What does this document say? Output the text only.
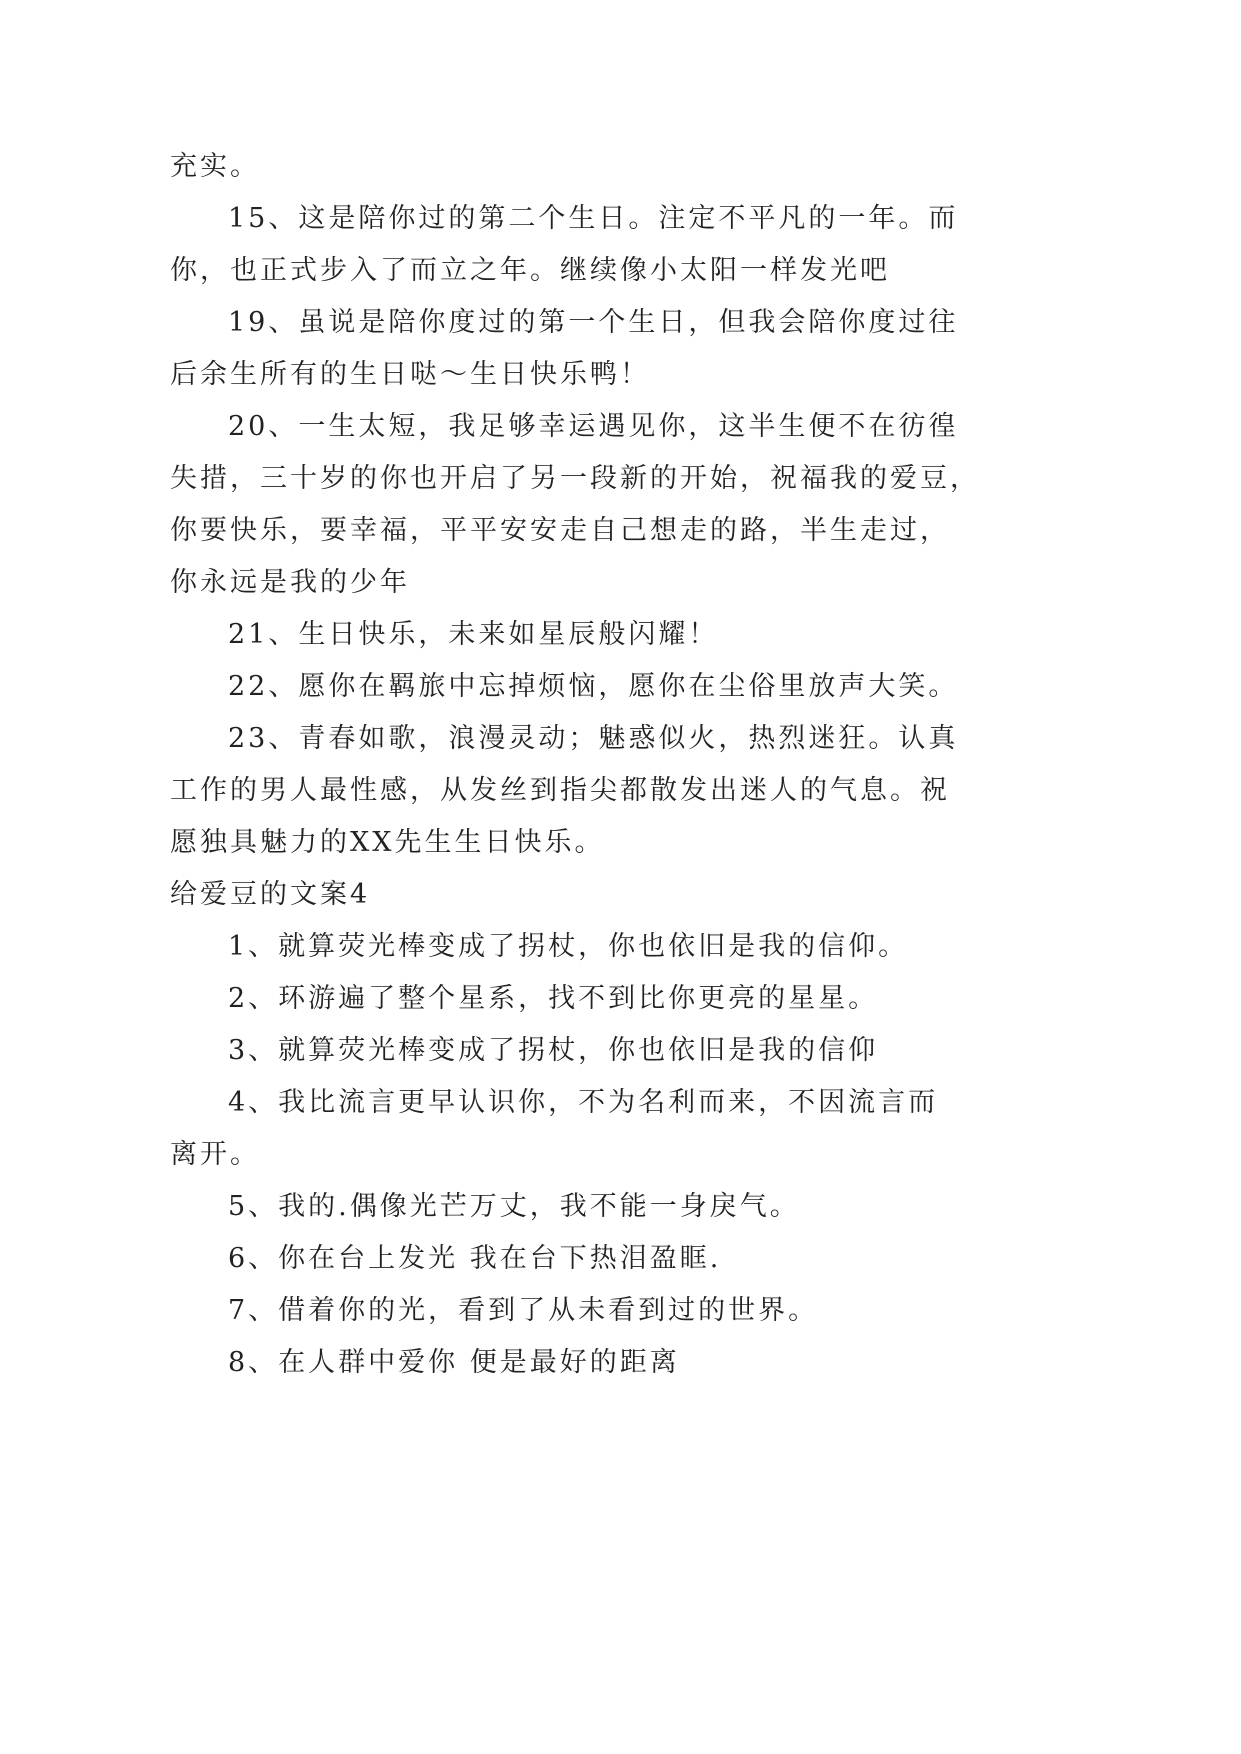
充实。
15、这是陪你过的第二个生日。注定不平凡的一年。而
你，也正式步入了而立之年。继续像小太阳一样发光吧
19、虽说是陪你度过的第一个生日，但我会陪你度过往
后余生所有的生日哒～生日快乐鸭！
20、一生太短，我足够幸运遇见你，这半生便不在彷徨
失措，三十岁的你也开启了另一段新的开始，祝福我的爱豆，
你要快乐，要幸福，平平安安走自己想走的路，半生走过，
你永远是我的少年
21、生日快乐，未来如星辰般闪耀！
22、愿你在羁旅中忘掉烦恼，愿你在尘俗里放声大笑。
23、青春如歌，浪漫灵动；魅惑似火，热烈迷狂。认真
工作的男人最性感，从发丝到指尖都散发出迷人的气息。祝
愿独具魅力的XX先生生日快乐。
给爱豆的文案4
1、就算荧光棒变成了拐杖，你也依旧是我的信仰。
2、环游遍了整个星系，找不到比你更亮的星星。
3、就算荧光棒变成了拐杖，你也依旧是我的信仰
4、我比流言更早认识你，不为名利而来，不因流言而
离开。
5、我的.偶像光芒万丈，我不能一身戾气。
6、你在台上发光 我在台下热泪盈眶.
7、借着你的光，看到了从未看到过的世界。
8、在人群中爱你 便是最好的距离
